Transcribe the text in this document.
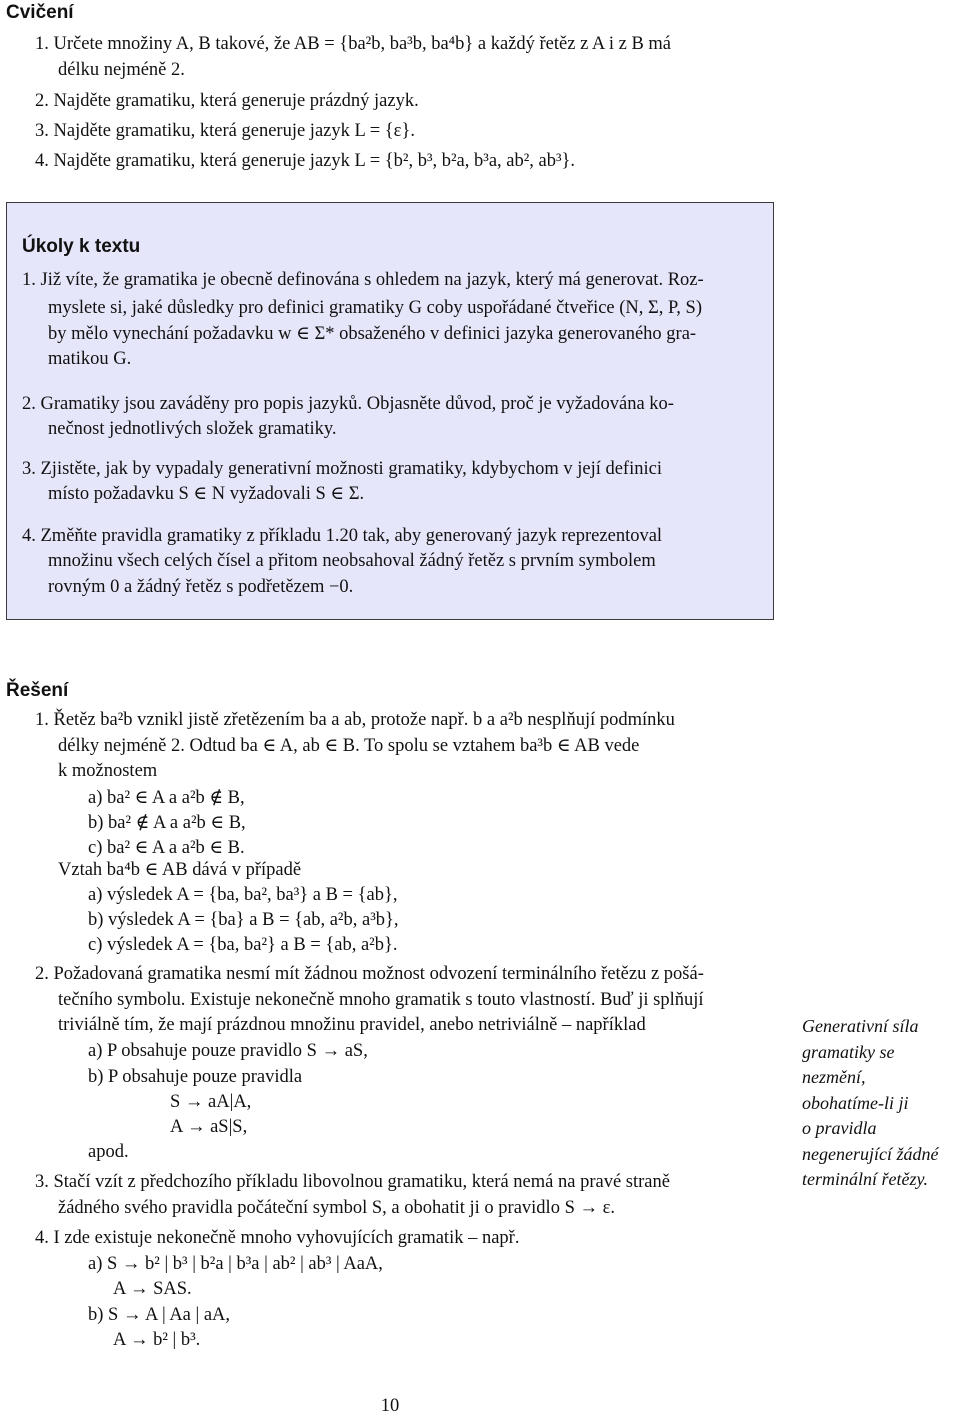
Cvičení
1. Určete množiny A, B takové, že AB = {ba²b, ba³b, ba⁴b} a každý řetěz z A i z B má
délku nejméně 2.
2. Najděte gramatiku, která generuje prázdný jazyk.
3. Najděte gramatiku, která generuje jazyk L = {ε}.
4. Najděte gramatiku, která generuje jazyk L = {b², b³, b²a, b³a, ab², ab³}.
Úkoly k textu
1. Již víte, že gramatika je obecně definována s ohledem na jazyk, který má generovat. Roz-
myslete si, jaké důsledky pro definici gramatiky G coby uspořádané čtveřice (N, Σ, P, S)
by mělo vynechání požadavku w ∈ Σ* obsaženého v definici jazyka generovaného gra-
matikou G.
2. Gramatiky jsou zaváděny pro popis jazyků. Objasněte důvod, proč je vyžadována ko-
nečnost jednotlivých složek gramatiky.
3. Zjistěte, jak by vypadaly generativní možnosti gramatiky, kdybychom v její definici
místo požadavku S ∈ N vyžadovali S ∈ Σ.
4. Změňte pravidla gramatiky z příkladu 1.20 tak, aby generovaný jazyk reprezentoval
množinu všech celých čísel a přitom neobsahoval žádný řetěz s prvním symbolem
rovným 0 a žádný řetěz s podřetězem −0.
Řešení
1. Řetěz ba²b vznikl jistě zřetězením ba a ab, protože např. b a a²b nesplňují podmínku
délky nejméně 2. Odtud ba ∈ A, ab ∈ B. To spolu se vztahem ba³b ∈ AB vede
k možnostem
a) ba² ∈ A a a²b ∉ B,
b) ba² ∉ A a a²b ∈ B,
c) ba² ∈ A a a²b ∈ B.
Vztah ba⁴b ∈ AB dává v případě
a) výsledek A = {ba, ba², ba³} a B = {ab},
b) výsledek A = {ba} a B = {ab, a²b, a³b},
c) výsledek A = {ba, ba²} a B = {ab, a²b}.
2. Požadovaná gramatika nesmí mít žádnou možnost odvození terminálního řetězu z pošá-
tečního symbolu. Existuje nekonečně mnoho gramatik s touto vlastností. Buď ji splňují
triviálně tím, že mají prázdnou množinu pravidel, anebo netriviálně – například
a) P obsahuje pouze pravidlo S → aS,
b) P obsahuje pouze pravidla
S → aA|A,
A → aS|S,
apod.
3. Stačí vzít z předchozího příkladu libovolnou gramatiku, která nemá na pravé straně
žádného svého pravidla počáteční symbol S, a obohatit ji o pravidlo S → ε.
4. I zde existuje nekonečně mnoho vyhovujících gramatik – např.
a) S → b² | b³ | b²a | b³a | ab² | ab³ | AaA,
A → SAS.
b) S → A | Aa | aA,
A → b² | b³.
Generativní síla
gramatiky se
nezmění,
obohatíme-li ji
o pravidla
negenerující žádné
terminální řetězy.
10
